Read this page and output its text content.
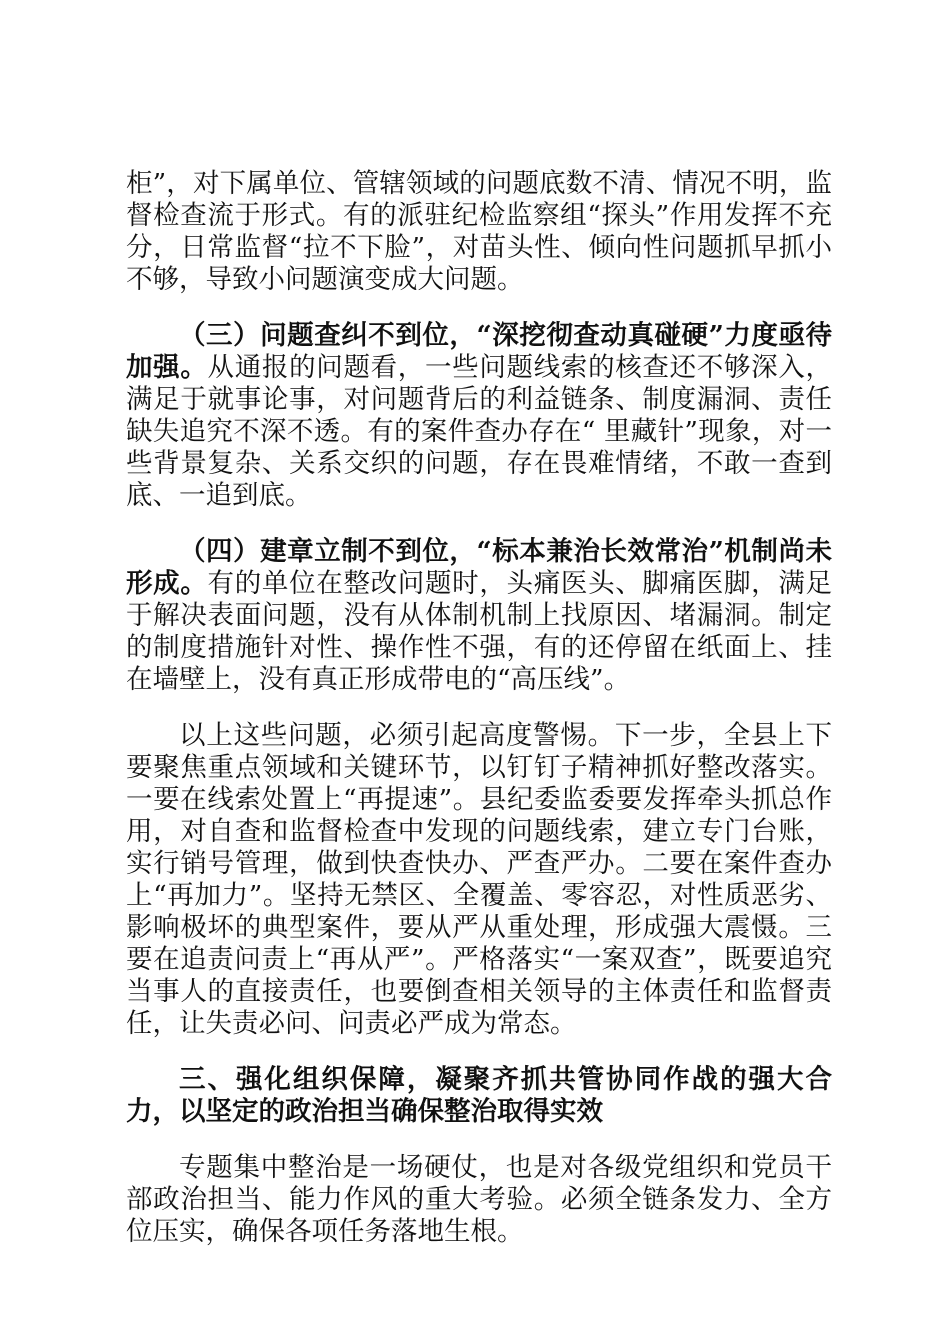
柜”，对下属单位、管辖领域的问题底数不清、情况不明，监督检查流于形式。有的派驻纪检监察组“探头”作用发挥不充分，日常监督“拉不下脸”，对苗头性、倾向性问题抓早抓小不够，导致小问题演变成大问题。

（三）问题查纠不到位，“深挖彻查动真碰硬”力度亟待加强。从通报的问题看，一些问题线索的核查还不够深入，满足于就事论事，对问题背后的利益链条、制度漏洞、责任缺失追究不深不透。有的案件查办存在“ 里藏针”现象，对一些背景复杂、关系交织的问题，存在畏难情绪，不敢一查到底、一追到底。

（四）建章立制不到位，“标本兼治长效常治”机制尚未形成。有的单位在整改问题时，头痛医头、脚痛医脚，满足于解决表面问题，没有从体制机制上找原因、堵漏洞。制定的制度措施针对性、操作性不强，有的还停留在纸面上、挂在墙壁上，没有真正形成带电的“高压线”。

以上这些问题，必须引起高度警惕。下一步，全县上下要聚焦重点领域和关键环节，以钉钉子精神抓好整改落实。一要在线索处置上“再提速”。县纪委监委要发挥牵头抓总作用，对自查和监督检查中发现的问题线索，建立专门台账，实行销号管理，做到快查快办、严查严办。二要在案件查办上“再加力”。坚持无禁区、全覆盖、零容忍，对性质恶劣、影响极坏的典型案件，要从严从重处理，形成强大震慑。三要在追责问责上“再从严”。严格落实“一案双查”，既要追究当事人的直接责任，也要倒查相关领导的主体责任和监督责任，让失责必问、问责必严成为常态。

三、强化组织保障，凝聚齐抓共管协同作战的强大合力，以坚定的政治担当确保整治取得实效

专题集中整治是一场硬仗，也是对各级党组织和党员干部政治担当、能力作风的重大考验。必须全链条发力、全方位压实，确保各项任务落地生根。
